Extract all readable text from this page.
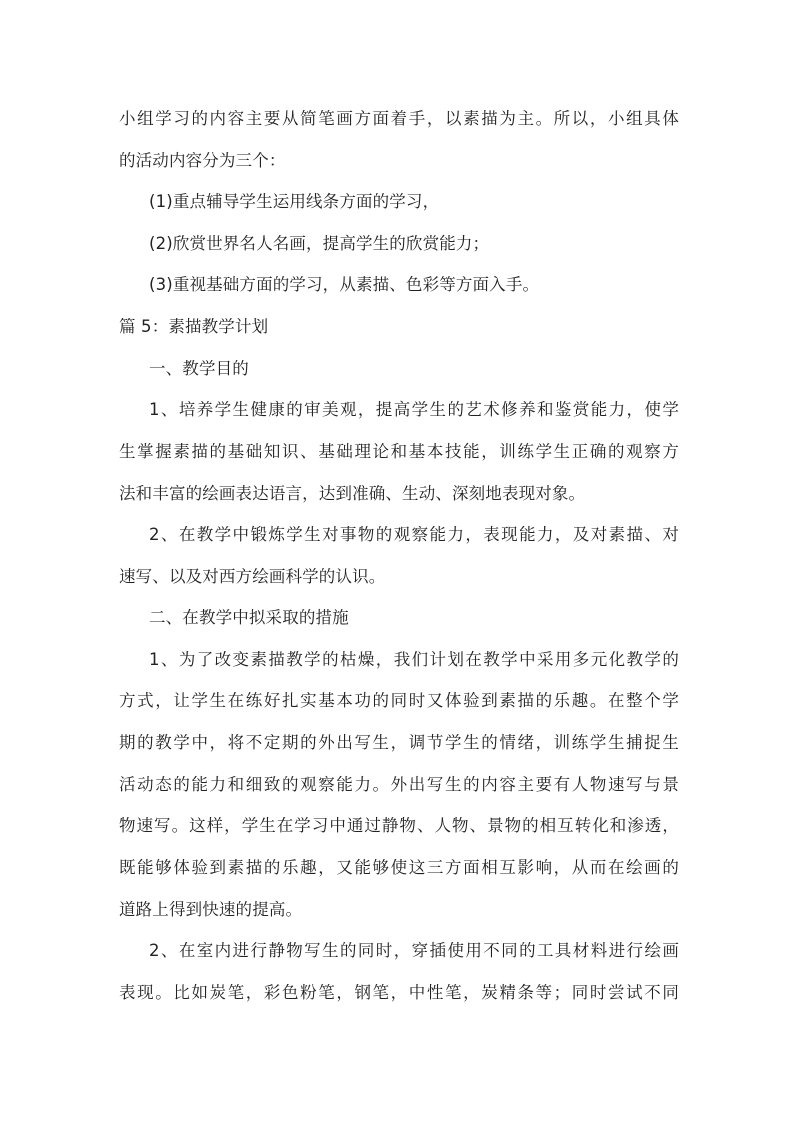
小组学习的内容主要从简笔画方面着手，以素描为主。所以，小组具体
的活动内容分为三个：
(1)重点辅导学生运用线条方面的学习，
(2)欣赏世界名人名画，提高学生的欣赏能力；
(3)重视基础方面的学习，从素描、色彩等方面入手。
篇 5：素描教学计划
一、教学目的
1、培养学生健康的审美观，提高学生的艺术修养和鉴赏能力，使学
生掌握素描的基础知识、基础理论和基本技能，训练学生正确的观察方
法和丰富的绘画表达语言，达到准确、生动、深刻地表现对象。
2、在教学中锻炼学生对事物的观察能力，表现能力，及对素描、对
速写、以及对西方绘画科学的认识。
二、在教学中拟采取的措施
1、为了改变素描教学的枯燥，我们计划在教学中采用多元化教学的
方式，让学生在练好扎实基本功的同时又体验到素描的乐趣。在整个学
期的教学中，将不定期的外出写生，调节学生的情绪，训练学生捕捉生
活动态的能力和细致的观察能力。外出写生的内容主要有人物速写与景
物速写。这样，学生在学习中通过静物、人物、景物的相互转化和渗透，
既能够体验到素描的乐趣，又能够使这三方面相互影响，从而在绘画的
道路上得到快速的提高。
2、在室内进行静物写生的同时，穿插使用不同的工具材料进行绘画
表现。比如炭笔，彩色粉笔，钢笔，中性笔，炭精条等；同时尝试不同
